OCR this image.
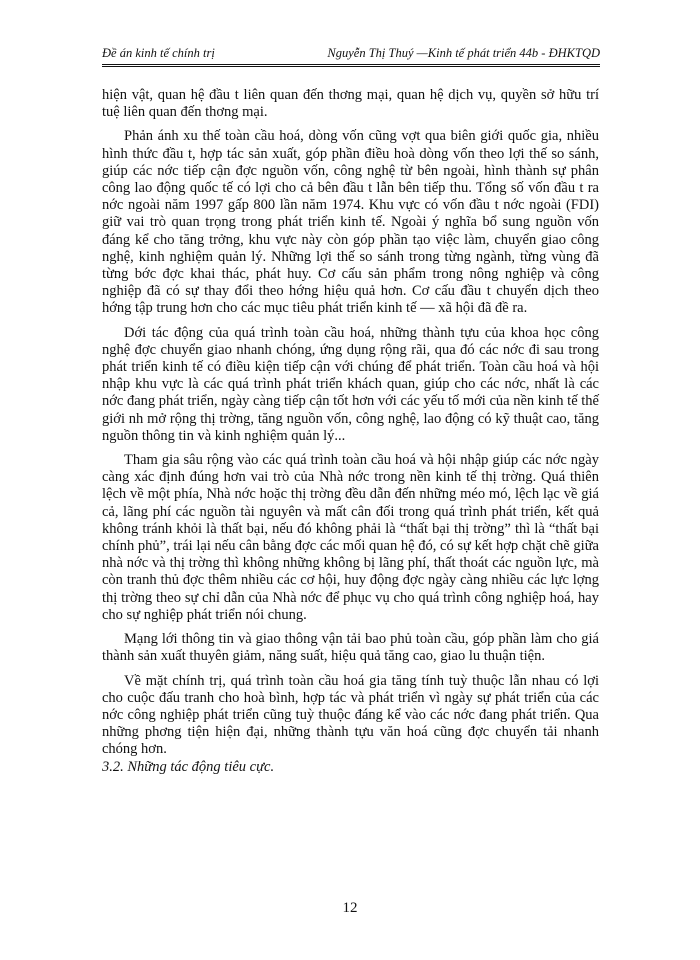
Đề án kinh tế chính trị	Nguyễn Thị Thuý —Kinh tế phát triển 44b - ĐHKTQD

hiện vật, quan hệ đầu t liên quan đến thơng mại, quan hệ dịch vụ, quyền sở hữu trí tuệ liên quan đến thơng mại.

Phản ánh xu thế toàn cầu hoá, dòng vốn cũng vợt qua biên giới quốc gia, nhiều hình thức đầu t, hợp tác sản xuất, góp phần điều hoà dòng vốn theo lợi thế so sánh, giúp các nớc tiếp cận đợc nguồn vốn, công nghệ từ bên ngoài, hình thành sự phân công lao động quốc tế có lợi cho cả bên đầu t lẫn bên tiếp thu. Tổng số vốn đầu t ra nớc ngoài năm 1997 gấp 800 lần năm 1974. Khu vực có vốn đầu t nớc ngoài (FDI) giữ vai trò quan trọng trong phát triển kinh tế. Ngoài ý nghĩa bổ sung nguồn vốn đáng kể cho tăng trởng, khu vực này còn góp phần tạo việc làm, chuyển giao công nghệ, kinh nghiệm quản lý. Những lợi thế so sánh trong từng ngành, từng vùng đã từng bớc đợc khai thác, phát huy. Cơ cấu sản phẩm trong nông nghiệp và công nghiệp đã có sự thay đổi theo hớng hiệu quả hơn. Cơ cấu đầu t chuyển dịch theo hớng tập trung hơn cho các mục tiêu phát triển kinh tế — xã hội đã đề ra.

Dới tác động của quá trình toàn cầu hoá, những thành tựu của khoa học công nghệ đợc chuyển giao nhanh chóng, ứng dụng rộng rãi, qua đó các nớc đi sau trong phát triển kinh tế có điều kiện tiếp cận với chúng để phát triển. Toàn cầu hoá và hội nhập khu vực là các quá trình phát triển khách quan, giúp cho các nớc, nhất là các nớc đang phát triển, ngày càng tiếp cận tốt hơn với các yếu tố mới của nền kinh tế thế giới nh mở rộng thị trờng, tăng nguồn vốn, công nghệ, lao động có kỹ thuật cao, tăng nguồn thông tin và kinh nghiệm quản lý...

Tham gia sâu rộng vào các quá trình toàn cầu hoá và hội nhập giúp các nớc ngày càng xác định đúng hơn vai trò của Nhà nớc trong nền kinh tế thị trờng. Quá thiên lệch về một phía, Nhà nớc hoặc thị trờng đều dẫn đến những méo mó, lệch lạc về giá cả, lãng phí các nguồn tài nguyên và mất cân đối trong quá trình phát triển, kết quả không tránh khỏi là thất bại, nếu đó không phải là “thất bại thị trờng” thì là “thất bại chính phủ”, trái lại nếu cân bằng đợc các mối quan hệ đó, có sự kết hợp chặt chẽ giữa nhà nớc và thị trờng thì không những không bị lãng phí, thất thoát các nguồn lực, mà còn tranh thủ đợc thêm nhiều các cơ hội, huy động đợc ngày càng nhiều các lực lợng thị trờng theo sự chỉ dẫn của Nhà nớc để phục vụ cho quá trình công nghiệp hoá, hay cho sự nghiệp phát triển nói chung.

Mạng lới thông tin và giao thông vận tải bao phủ toàn cầu, góp phần làm cho giá thành sản xuất thuyên giảm, năng suất, hiệu quả tăng cao, giao lu thuận tiện.

Về mặt chính trị, quá trình toàn cầu hoá gia tăng tính tuỳ thuộc lẫn nhau có lợi cho cuộc đấu tranh cho hoà bình, hợp tác và phát triển vì ngày sự phát triển của các nớc công nghiệp phát triển cũng tuỳ thuộc đáng kể vào các nớc đang phát triển. Qua những phơng tiện hiện đại, những thành tựu văn hoá cũng đợc chuyển tải nhanh chóng hơn.

3.2. Những tác động tiêu cực.
12
